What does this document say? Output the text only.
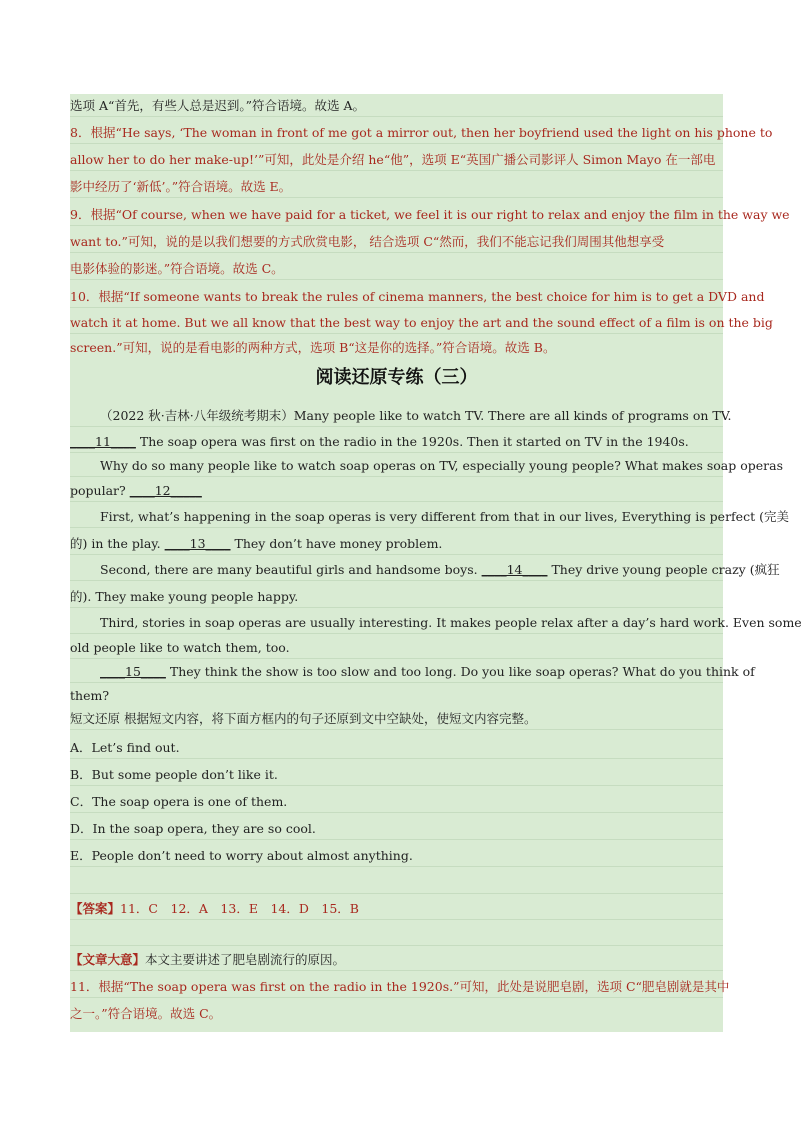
选项 A“首先，有些人总是迟到。”符合语境。故选 A。
8．根据“He says, ‘The woman in front of me got a mirror out, then her boyfriend used the light on his phone to
allow her to do her make-up!’”可知，此处是介绍 he“他”，选项 E“英国广播公司影评人 Simon Mayo 在一部电
影中经历了‘新低’。”符合语境。故选 E。
9．根据“Of course, when we have paid for a ticket, we feel it is our right to relax and enjoy the film in the way we
want to.”可知，说的是以我们想要的方式欣赏电影， 结合选项 C“然而，我们不能忘记我们周围其他想享受
电影体验的影迷。”符合语境。故选 C。
10．根据“If someone wants to break the rules of cinema manners, the best choice for him is to get a DVD and
watch it at home. But we all know that the best way to enjoy the art and the sound effect of a film is on the big
screen.”可知，说的是看电影的两种方式，选项 B“这是你的选择。”符合语境。故选 B。
阅读还原专练（三）
（2022 秋·吉林·八年级统考期末）Many people like to watch TV. There are all kinds of programs on TV.
____11____ The soap opera was first on the radio in the 1920s. Then it started on TV in the 1940s.
Why do so many people like to watch soap operas on TV, especially young people? What makes soap operas
popular? ____12_____
First, what’s happening in the soap operas is very different from that in our lives, Everything is perfect (完美
的) in the play. ____13____ They don’t have money problem.
Second, there are many beautiful girls and handsome boys. ____14____ They drive young people crazy (疯狂
的). They make young people happy.
Third, stories in soap operas are usually interesting. It makes people relax after a day’s hard work. Even some
old people like to watch them, too.
____15____ They think the show is too slow and too long. Do you like soap operas? What do you think of
them?
短文还原 根据短文内容，将下面方框内的句子还原到文中空缺处，使短文内容完整。
A．Let’s find out.
B．But some people don’t like it.
C．The soap opera is one of them.
D．In the soap opera, they are so cool.
E．People don’t need to worry about almost anything.
【答案】11．C　12．A　13．E　14．D　15．B
【文章大意】本文主要讲述了肥皂剧流行的原因。
11．根据“The soap opera was first on the radio in the 1920s.”可知，此处是说肥皂剧，选项 C“肥皂剧就是其中
之一。”符合语境。故选 C。
